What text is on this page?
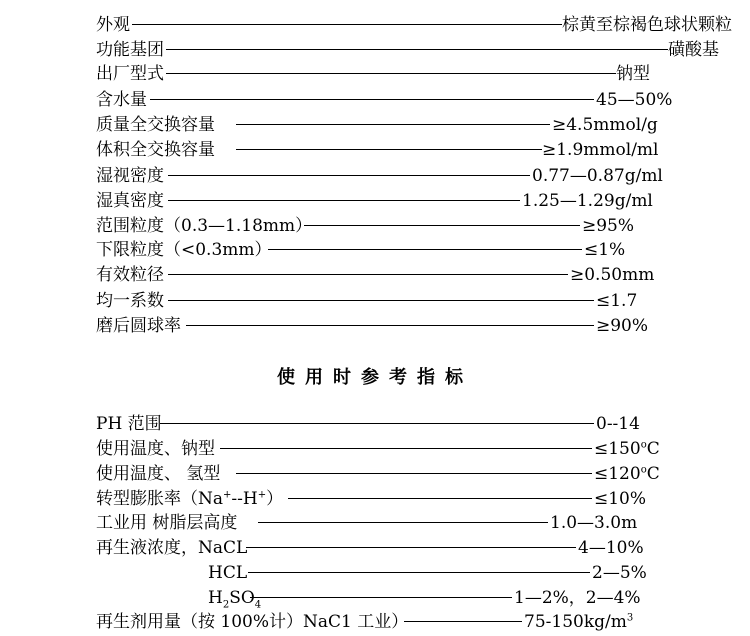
外观	棕黄至棕褐色球状颗粒
功能基团	磺酸基
出厂型式	钠型
含水量	45—50%
质量全交换容量	≥4.5mmol/g
体积全交换容量	≥1.9mmol/ml
湿视密度	0.77—0.87g/ml
湿真密度	1.25—1.29g/ml
范围粒度（0.3—1.18mm）	≥95%
下限粒度（<0.3mm）	≤1%
有效粒径	≥0.50mm
均一系数	≤1.7
磨后圆球率	≥90%
使用时参考指标
PH 范围	0--14
使用温度、钠型	$\le 150^oC$
使用温度、 氢型	$\le 120^oC$
转型膨胀率（Na+--H+）	≤10%
工业用 树脂层高度	1.0—3.0m
再生液浓度，NaCL	4—10%
HCL	2—5%
$H_2SO_4$	1—2%，2—4%
再生剂用量（按 100%计）NaC1 工业）	$75-150kg/m^3$
